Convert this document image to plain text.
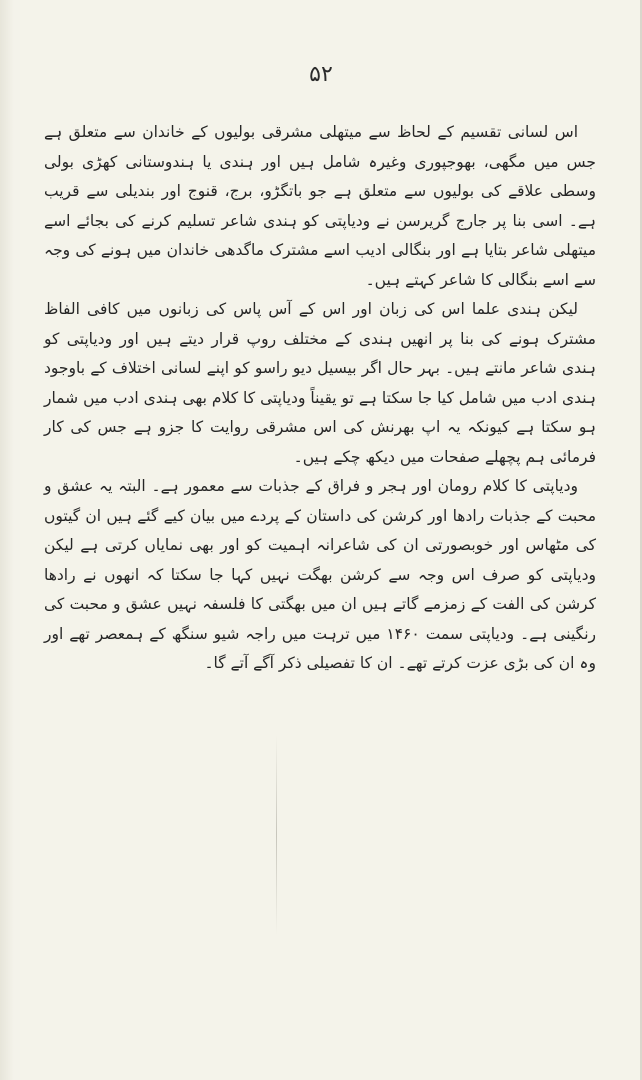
۵۲

اس لسانی تقسیم کے لحاظ سے میتھلی مشرقی بولیوں کے خاندان سے متعلق ہے جس میں مگھی، بھوجپوری وغیرہ شامل ہیں اور ہندی یا ہندوستانی کھڑی بولی وسطی علاقے کی بولیوں سے متعلق ہے جو باتگڑو، برج، قنوج اور بندیلی سے قریب ہے۔ اسی بنا پر جارج گریرسن نے ودیاپتی کو ہندی شاعر تسلیم کرنے کی بجائے اسے میتھلی شاعر بتایا ہے اور بنگالی ادیب اسے مشترک ماگدھی خاندان میں ہونے کی وجہ سے اسے بنگالی کا شاعر کہتے ہیں۔

لیکن ہندی علما اس کی زبان اور اس کے آس پاس کی زبانوں میں کافی الفاظ مشترک ہونے کی بنا پر انھیں ہندی کے مختلف روپ قرار دیتے ہیں اور ودیاپتی کو ہندی شاعر مانتے ہیں۔ بہر حال اگر بیسیل دیو راسو کو اپنے لسانی اختلاف کے باوجود ہندی ادب میں شامل کیا جا سکتا ہے تو یقیناً ودیاپتی کا کلام بھی ہندی ادب میں شمار ہو سکتا ہے کیونکہ یہ اپ بھرنش کی اس مشرقی روایت کا جزو ہے جس کی کار فرمائی ہم پچھلے صفحات میں دیکھ چکے ہیں۔

ودیاپتی کا کلام رومان اور ہجر و فراق کے جذبات سے معمور ہے۔ البتہ یہ عشق و محبت کے جذبات رادھا اور کرشن کی داستان کے پردے میں بیان کیے گئے ہیں ان گیتوں کی مٹھاس اور خوبصورتی ان کی شاعرانہ اہمیت کو اور بھی نمایاں کرتی ہے لیکن ودیاپتی کو صرف اس وجہ سے کرشن بھگت نہیں کہا جا سکتا کہ انھوں نے رادھا کرشن کی الفت کے زمزمے گاتے ہیں ان میں بھگتی کا فلسفہ نہیں عشق و محبت کی رنگینی ہے۔ ودیاپتی سمت ۱۴۶۰ میں ترہت میں راجہ شیو سنگھ کے ہمعصر تھے اور وہ ان کی بڑی عزت کرتے تھے۔ ان کا تفصیلی ذکر آگے آتے گا۔
